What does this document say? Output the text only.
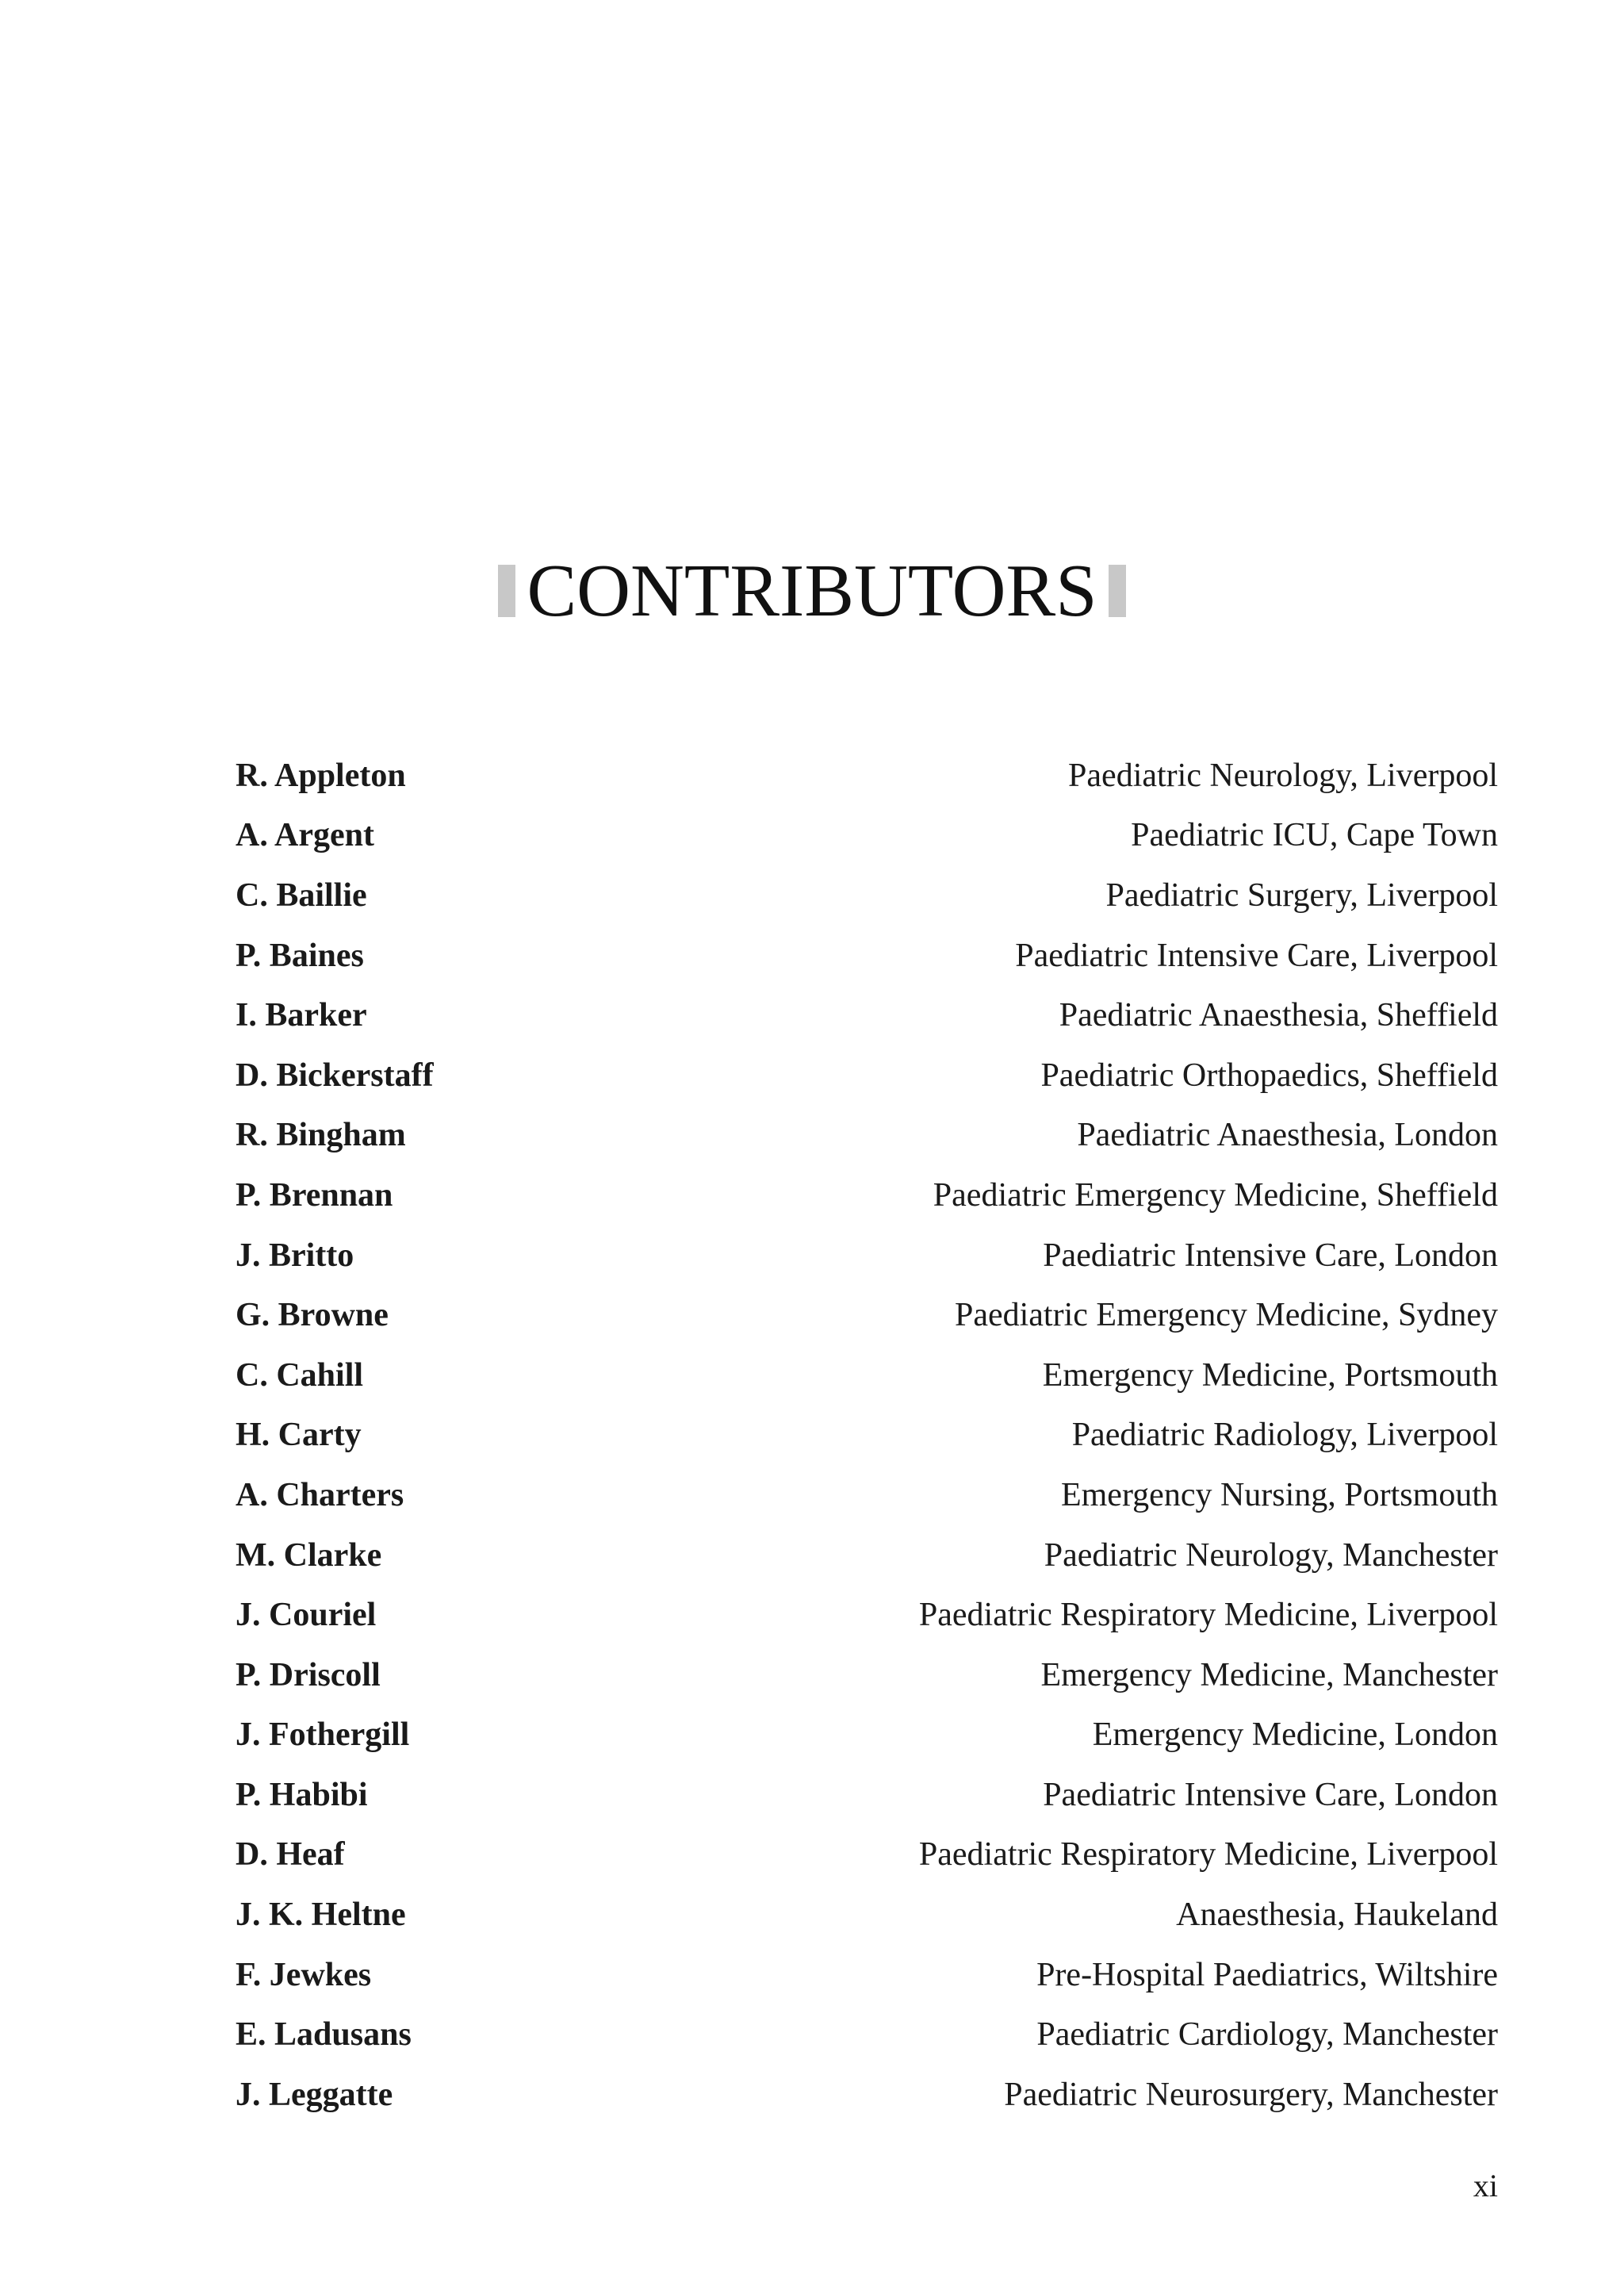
CONTRIBUTORS
R. Appleton	Paediatric Neurology, Liverpool
A. Argent	Paediatric ICU, Cape Town
C. Baillie	Paediatric Surgery, Liverpool
P. Baines	Paediatric Intensive Care, Liverpool
I. Barker	Paediatric Anaesthesia, Sheffield
D. Bickerstaff	Paediatric Orthopaedics, Sheffield
R. Bingham	Paediatric Anaesthesia, London
P. Brennan	Paediatric Emergency Medicine, Sheffield
J. Britto	Paediatric Intensive Care, London
G. Browne	Paediatric Emergency Medicine, Sydney
C. Cahill	Emergency Medicine, Portsmouth
H. Carty	Paediatric Radiology, Liverpool
A. Charters	Emergency Nursing, Portsmouth
M. Clarke	Paediatric Neurology, Manchester
J. Couriel	Paediatric Respiratory Medicine, Liverpool
P. Driscoll	Emergency Medicine, Manchester
J. Fothergill	Emergency Medicine, London
P. Habibi	Paediatric Intensive Care, London
D. Heaf	Paediatric Respiratory Medicine, Liverpool
J. K. Heltne	Anaesthesia, Haukeland
F. Jewkes	Pre-Hospital Paediatrics, Wiltshire
E. Ladusans	Paediatric Cardiology, Manchester
J. Leggatte	Paediatric Neurosurgery, Manchester
xi
